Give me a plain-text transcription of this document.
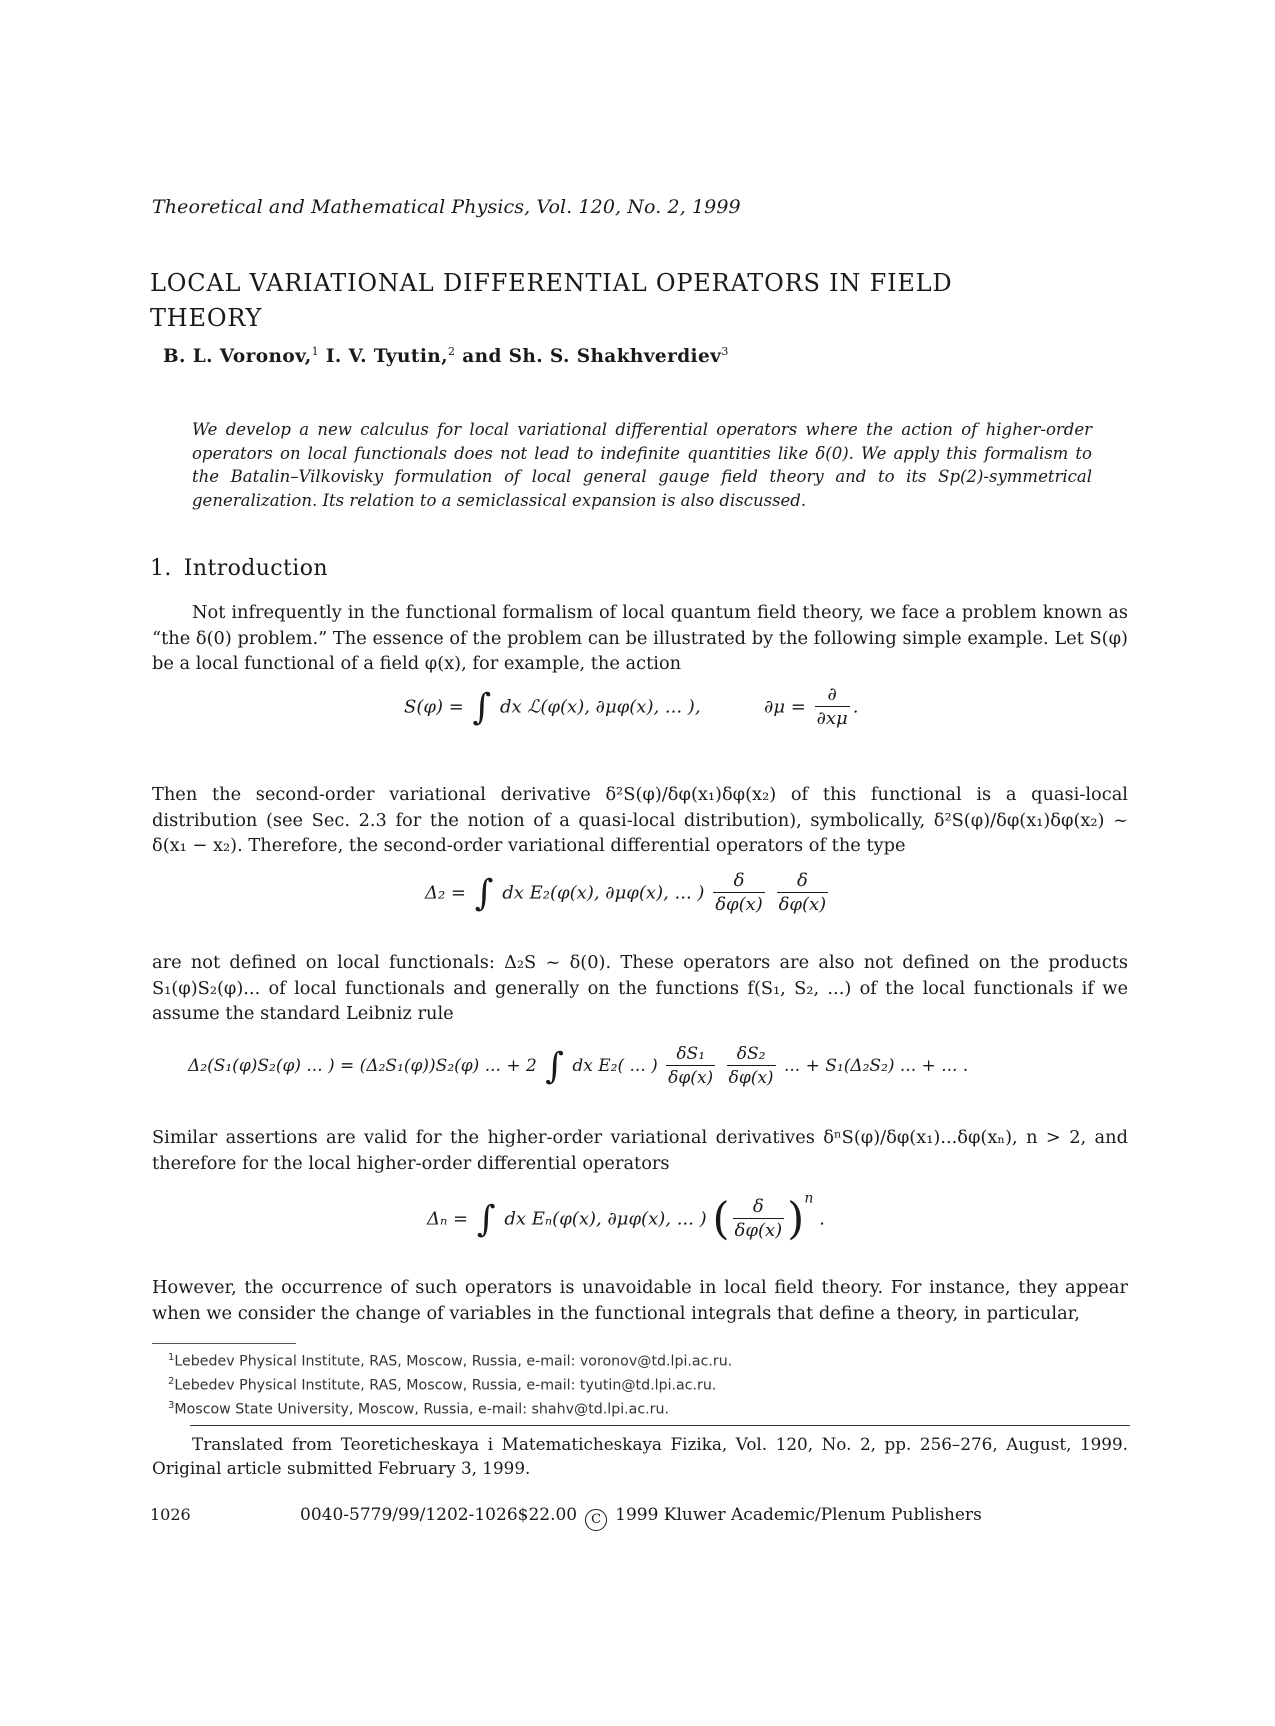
Theoretical and Mathematical Physics, Vol. 120, No. 2, 1999
LOCAL VARIATIONAL DIFFERENTIAL OPERATORS IN FIELD THEORY
B. L. Voronov,$^1$ I. V. Tyutin,$^2$ and Sh. S. Shakhverdiev$^3$
We develop a new calculus for local variational differential operators where the action of higher-order operators on local functionals does not lead to indefinite quantities like δ(0). We apply this formalism to the Batalin–Vilkovisky formulation of local general gauge field theory and to its Sp(2)-symmetrical generalization. Its relation to a semiclassical expansion is also discussed.
1. Introduction
Not infrequently in the functional formalism of local quantum field theory, we face a problem known as “the δ(0) problem.” The essence of the problem can be illustrated by the following simple example. Let S(φ) be a local functional of a field φ(x), for example, the action
S(φ) = ∫ dx ℒ(φ(x), ∂μφ(x), ... ),	$\partial\mu = \frac{\partial}{\partial x\mu}$ .
Then the second-order variational derivative δ²S(φ)/δφ(x₁)δφ(x₂) of this functional is a quasi-local distribution (see Sec. 2.3 for the notion of a quasi-local distribution), symbolically, δ²S(φ)/δφ(x₁)δφ(x₂) ~ δ(x₁ − x₂). Therefore, the second-order variational differential operators of the type
Δ₂ = ∫ dx E₂(φ(x), ∂μφ(x), ... ) $\frac{\delta}{\delta\varphi(x)}$
$\frac{\delta}{\delta\varphi(x)}$
are not defined on local functionals: Δ₂S ~ δ(0). These operators are also not defined on the products S₁(φ)S₂(φ)... of local functionals and generally on the functions f(S₁, S₂, ...) of the local functionals if we assume the standard Leibniz rule
Δ₂(S₁(φ)S₂(φ) ... ) = (Δ₂S₁(φ))S₂(φ) ... + 2 ∫ dx E₂( ... ) $\frac{\text{δS₁}}{\delta\varphi(x)}$
$\frac{\text{δS₂}}{\delta\varphi(x)}$ ... + S₁(Δ₂S₂) ... + ... .
Similar assertions are valid for the higher-order variational derivatives δⁿS(φ)/δφ(x₁)...δφ(xₙ), n > 2, and therefore for the local higher-order differential operators
Δₙ = ∫ dx Eₙ(φ(x), ∂μφ(x), ... ) ( $\frac{\delta}{\delta\varphi(x)} )^n$ .
However, the occurrence of such operators is unavoidable in local field theory. For instance, they appear when we consider the change of variables in the functional integrals that define a theory, in particular,
$^1$Lebedev Physical Institute, RAS, Moscow, Russia, e-mail: voronov@td.lpi.ac.ru.
$^2$Lebedev Physical Institute, RAS, Moscow, Russia, e-mail: tyutin@td.lpi.ac.ru.
$^3$Moscow State University, Moscow, Russia, e-mail: shahv@td.lpi.ac.ru.
Translated from Teoreticheskaya i Matematicheskaya Fizika, Vol. 120, No. 2, pp. 256–276, August, 1999. Original article submitted February 3, 1999.
1026	0040-5779/99/1202-1026$22.00 C 1999 Kluwer Academic/Plenum Publishers
